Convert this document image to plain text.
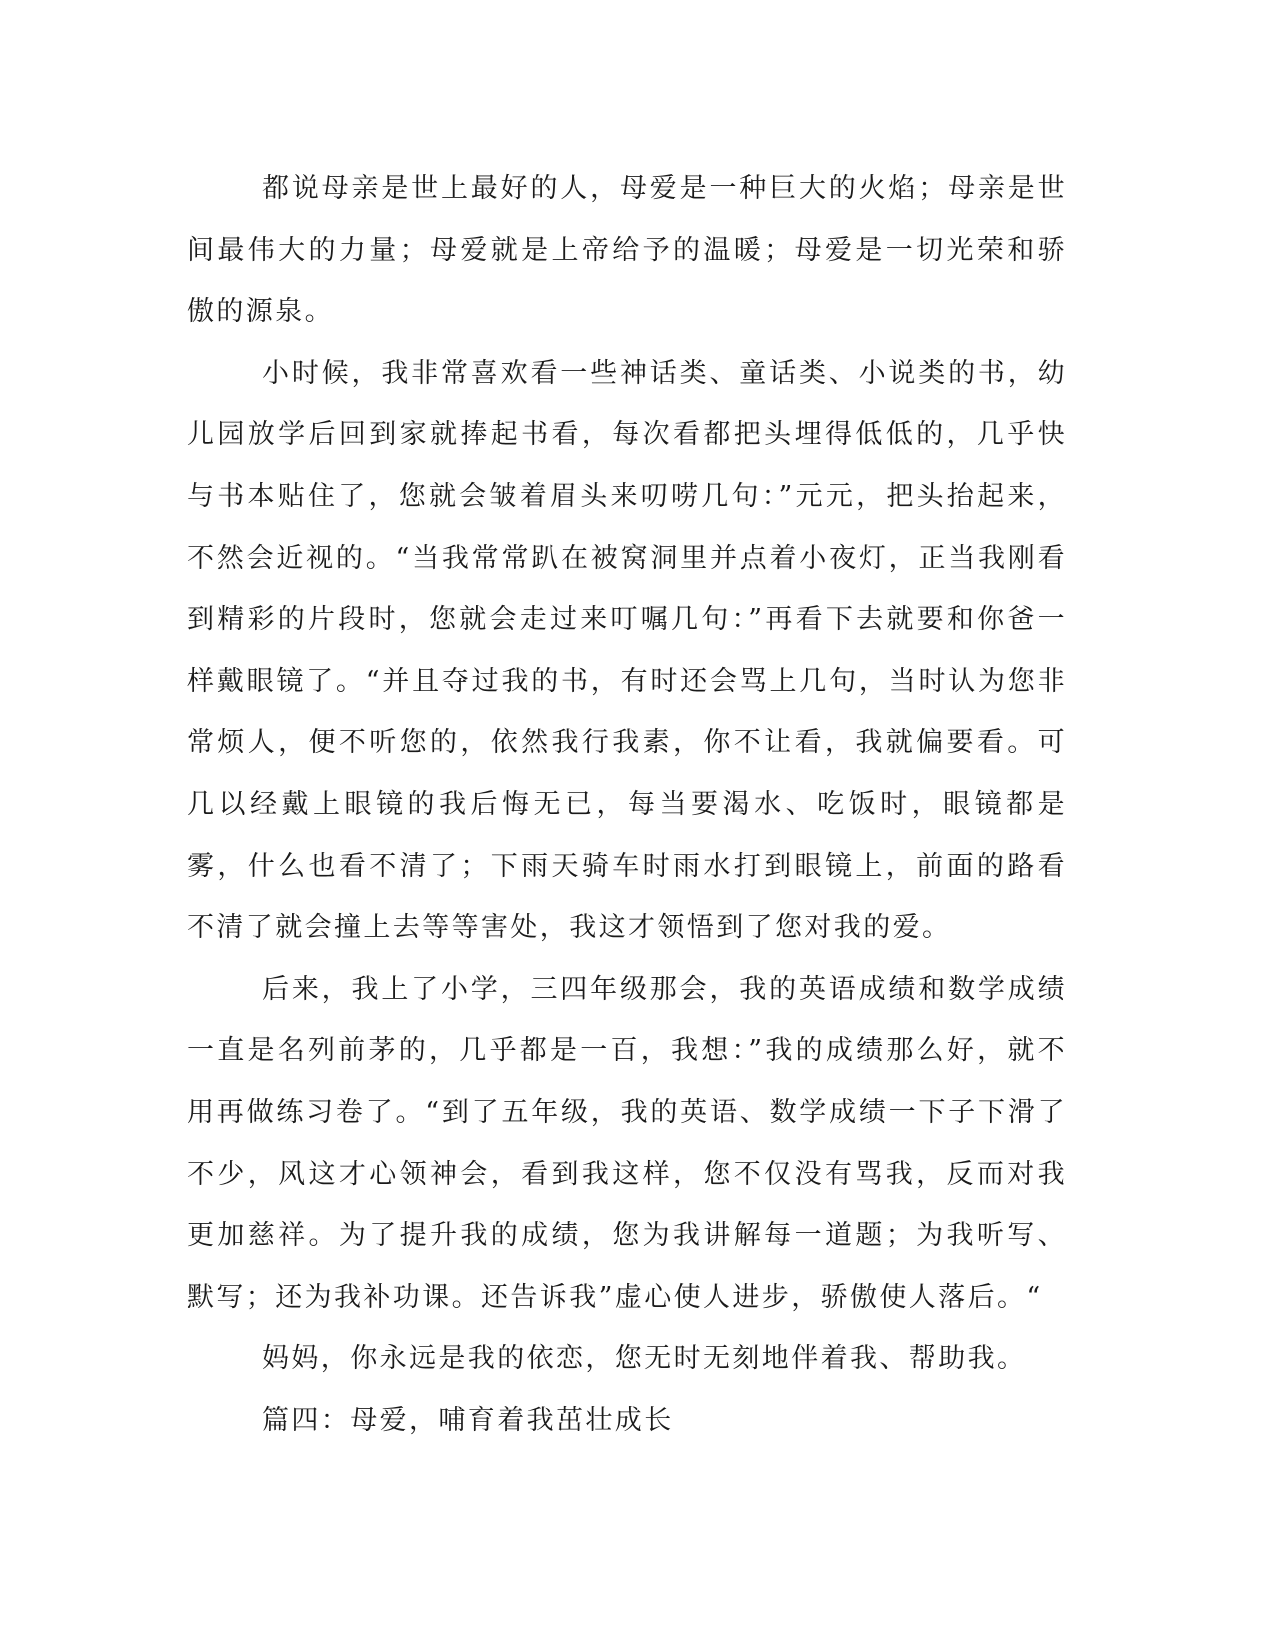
都说母亲是世上最好的人，母爱是一种巨大的火焰；母亲是世间最伟大的力量；母爱就是上帝给予的温暖；母爱是一切光荣和骄傲的源泉。

小时候，我非常喜欢看一些神话类、童话类、小说类的书，幼儿园放学后回到家就捧起书看，每次看都把头埋得低低的，几乎快与书本贴住了，您就会皱着眉头来叨唠几句：”元元，把头抬起来，不然会近视的。“当我常常趴在被窝洞里并点着小夜灯，正当我刚看到精彩的片段时，您就会走过来叮嘱几句：”再看下去就要和你爸一样戴眼镜了。“并且夺过我的书，有时还会骂上几句，当时认为您非常烦人，便不听您的，依然我行我素，你不让看，我就偏要看。可几以经戴上眼镜的我后悔无已，每当要渴水、吃饭时，眼镜都是雾，什么也看不清了；下雨天骑车时雨水打到眼镜上，前面的路看不清了就会撞上去等等害处，我这才领悟到了您对我的爱。

后来，我上了小学，三四年级那会，我的英语成绩和数学成绩一直是名列前茅的，几乎都是一百，我想：”我的成绩那么好，就不用再做练习卷了。“到了五年级，我的英语、数学成绩一下子下滑了不少，风这才心领神会，看到我这样，您不仅没有骂我，反而对我更加慈祥。为了提升我的成绩，您为我讲解每一道题；为我听写、默写；还为我补功课。还告诉我”虚心使人进步，骄傲使人落后。“

妈妈，你永远是我的依恋，您无时无刻地伴着我、帮助我。

篇四：母爱，哺育着我茁壮成长
